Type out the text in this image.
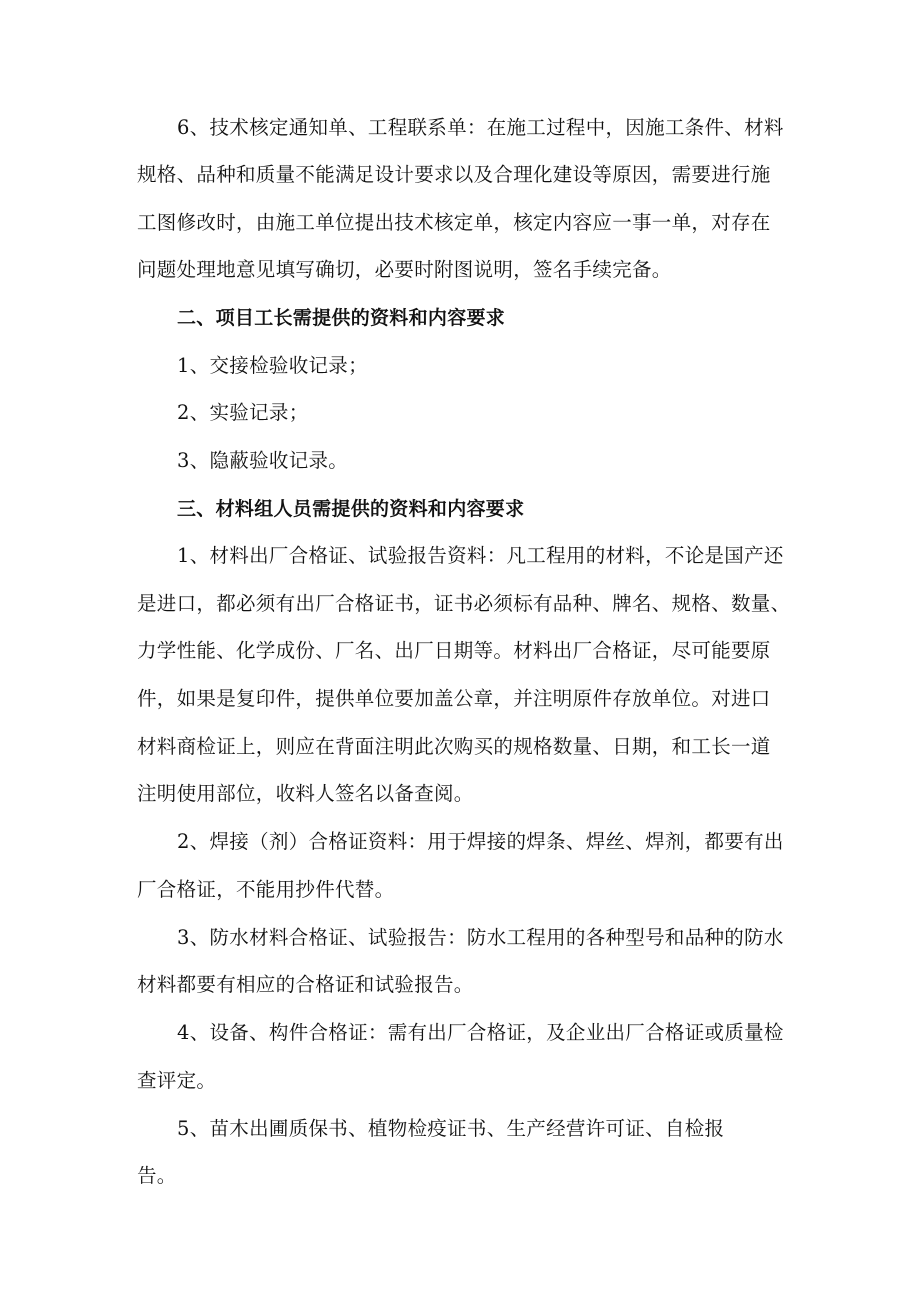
6、技术核定通知单、工程联系单：在施工过程中，因施工条件、材料
规格、品种和质量不能满足设计要求以及合理化建设等原因，需要进行施
工图修改时，由施工单位提出技术核定单，核定内容应一事一单，对存在
问题处理地意见填写确切，必要时附图说明，签名手续完备。
二、项目工长需提供的资料和内容要求
1、交接检验收记录；
2、实验记录；
3、隐蔽验收记录。
三、材料组人员需提供的资料和内容要求
1、材料出厂合格证、试验报告资料：凡工程用的材料，不论是国产还
是进口，都必须有出厂合格证书，证书必须标有品种、牌名、规格、数量、
力学性能、化学成份、厂名、出厂日期等。材料出厂合格证，尽可能要原
件，如果是复印件，提供单位要加盖公章，并注明原件存放单位。对进口
材料商检证上，则应在背面注明此次购买的规格数量、日期，和工长一道
注明使用部位，收料人签名以备查阅。
2、焊接（剂）合格证资料：用于焊接的焊条、焊丝、焊剂，都要有出
厂合格证，不能用抄件代替。
3、防水材料合格证、试验报告：防水工程用的各种型号和品种的防水
材料都要有相应的合格证和试验报告。
4、设备、构件合格证：需有出厂合格证，及企业出厂合格证或质量检
查评定。
5、苗木出圃质保书、植物检疫证书、生产经营许可证、自检报
告。
